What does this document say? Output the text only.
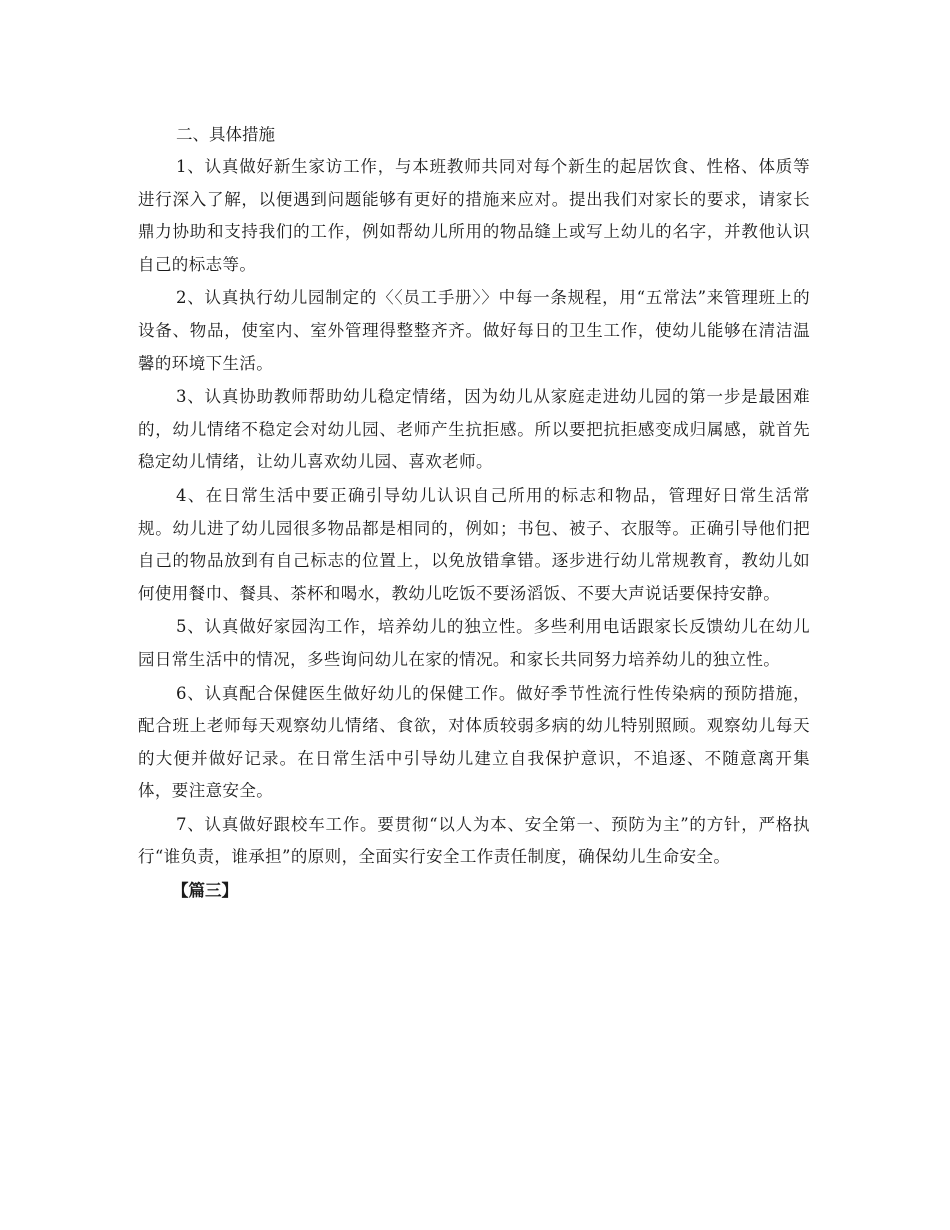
二、具体措施

1、认真做好新生家访工作，与本班教师共同对每个新生的起居饮食、性格、体质等进行深入了解，以便遇到问题能够有更好的措施来应对。提出我们对家长的要求，请家长鼎力协助和支持我们的工作，例如帮幼儿所用的物品缝上或写上幼儿的名字，并教他认识自己的标志等。

2、认真执行幼儿园制定的〈〈员工手册〉〉中每一条规程，用“五常法”来管理班上的设备、物品，使室内、室外管理得整整齐齐。做好每日的卫生工作，使幼儿能够在清洁温馨的环境下生活。

3、认真协助教师帮助幼儿稳定情绪，因为幼儿从家庭走进幼儿园的第一步是最困难的，幼儿情绪不稳定会对幼儿园、老师产生抗拒感。所以要把抗拒感变成归属感，就首先稳定幼儿情绪，让幼儿喜欢幼儿园、喜欢老师。

4、在日常生活中要正确引导幼儿认识自己所用的标志和物品，管理好日常生活常规。幼儿进了幼儿园很多物品都是相同的，例如；书包、被子、衣服等。正确引导他们把自己的物品放到有自己标志的位置上，以免放错拿错。逐步进行幼儿常规教育，教幼儿如何使用餐巾、餐具、茶杯和喝水，教幼儿吃饭不要汤滔饭、不要大声说话要保持安静。

5、认真做好家园沟工作，培养幼儿的独立性。多些利用电话跟家长反馈幼儿在幼儿园日常生活中的情况，多些询问幼儿在家的情况。和家长共同努力培养幼儿的独立性。

6、认真配合保健医生做好幼儿的保健工作。做好季节性流行性传染病的预防措施，配合班上老师每天观察幼儿情绪、食欲，对体质较弱多病的幼儿特别照顾。观察幼儿每天的大便并做好记录。在日常生活中引导幼儿建立自我保护意识，不追逐、不随意离开集体，要注意安全。

7、认真做好跟校车工作。要贯彻“以人为本、安全第一、预防为主”的方针，严格执行“谁负责，谁承担”的原则，全面实行安全工作责任制度，确保幼儿生命安全。

【篇三】
